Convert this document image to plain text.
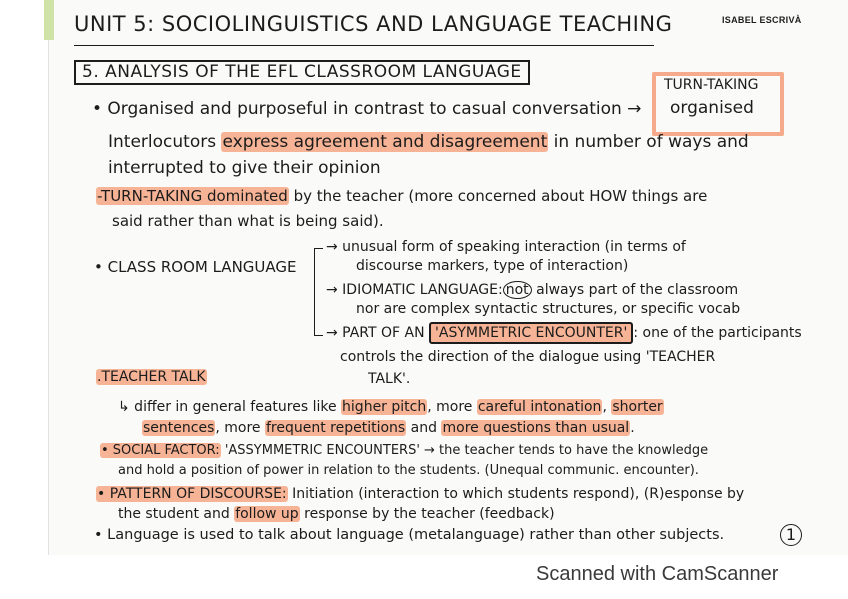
UNIT 5: SOCIOLINGUISTICS AND LANGUAGE TEACHING	ISABEL ESCRIVÀ
5. ANALYSIS OF THE EFL CLASSROOM LANGUAGE
TURN-TAKING
organised
• Organised and purposeful in contrast to casual conversation →
Interlocutors express agreement and disagreement in number of ways and
interrupted to give their opinion
-TURN-TAKING dominated by the teacher (more concerned about HOW things are
said rather than what is being said).
• CLASS ROOM LANGUAGE
→ unusual form of speaking interaction (in terms of
discourse markers, type of interaction)
→ IDIOMATIC LANGUAGE: not always part of the classroom
nor are complex syntactic structures, or specific vocab
→ PART OF AN 'ASYMMETRIC ENCOUNTER' : one of the participants
controls the direction of the dialogue using 'TEACHER
TALK'.
.TEACHER TALK
↳ differ in general features like higher pitch, more careful intonation, shorter
sentences, more frequent repetitions and more questions than usual.
• SOCIAL FACTOR: 'ASSYMMETRIC ENCOUNTERS' → the teacher tends to have the knowledge
and hold a position of power in relation to the students. (Unequal communic. encounter).
• PATTERN OF DISCOURSE: Initiation (interaction to which students respond), (R)esponse by
the student and follow up response by the teacher (feedback)
• Language is used to talk about language (metalanguage) rather than other subjects.	1
Scanned with CamScanner
